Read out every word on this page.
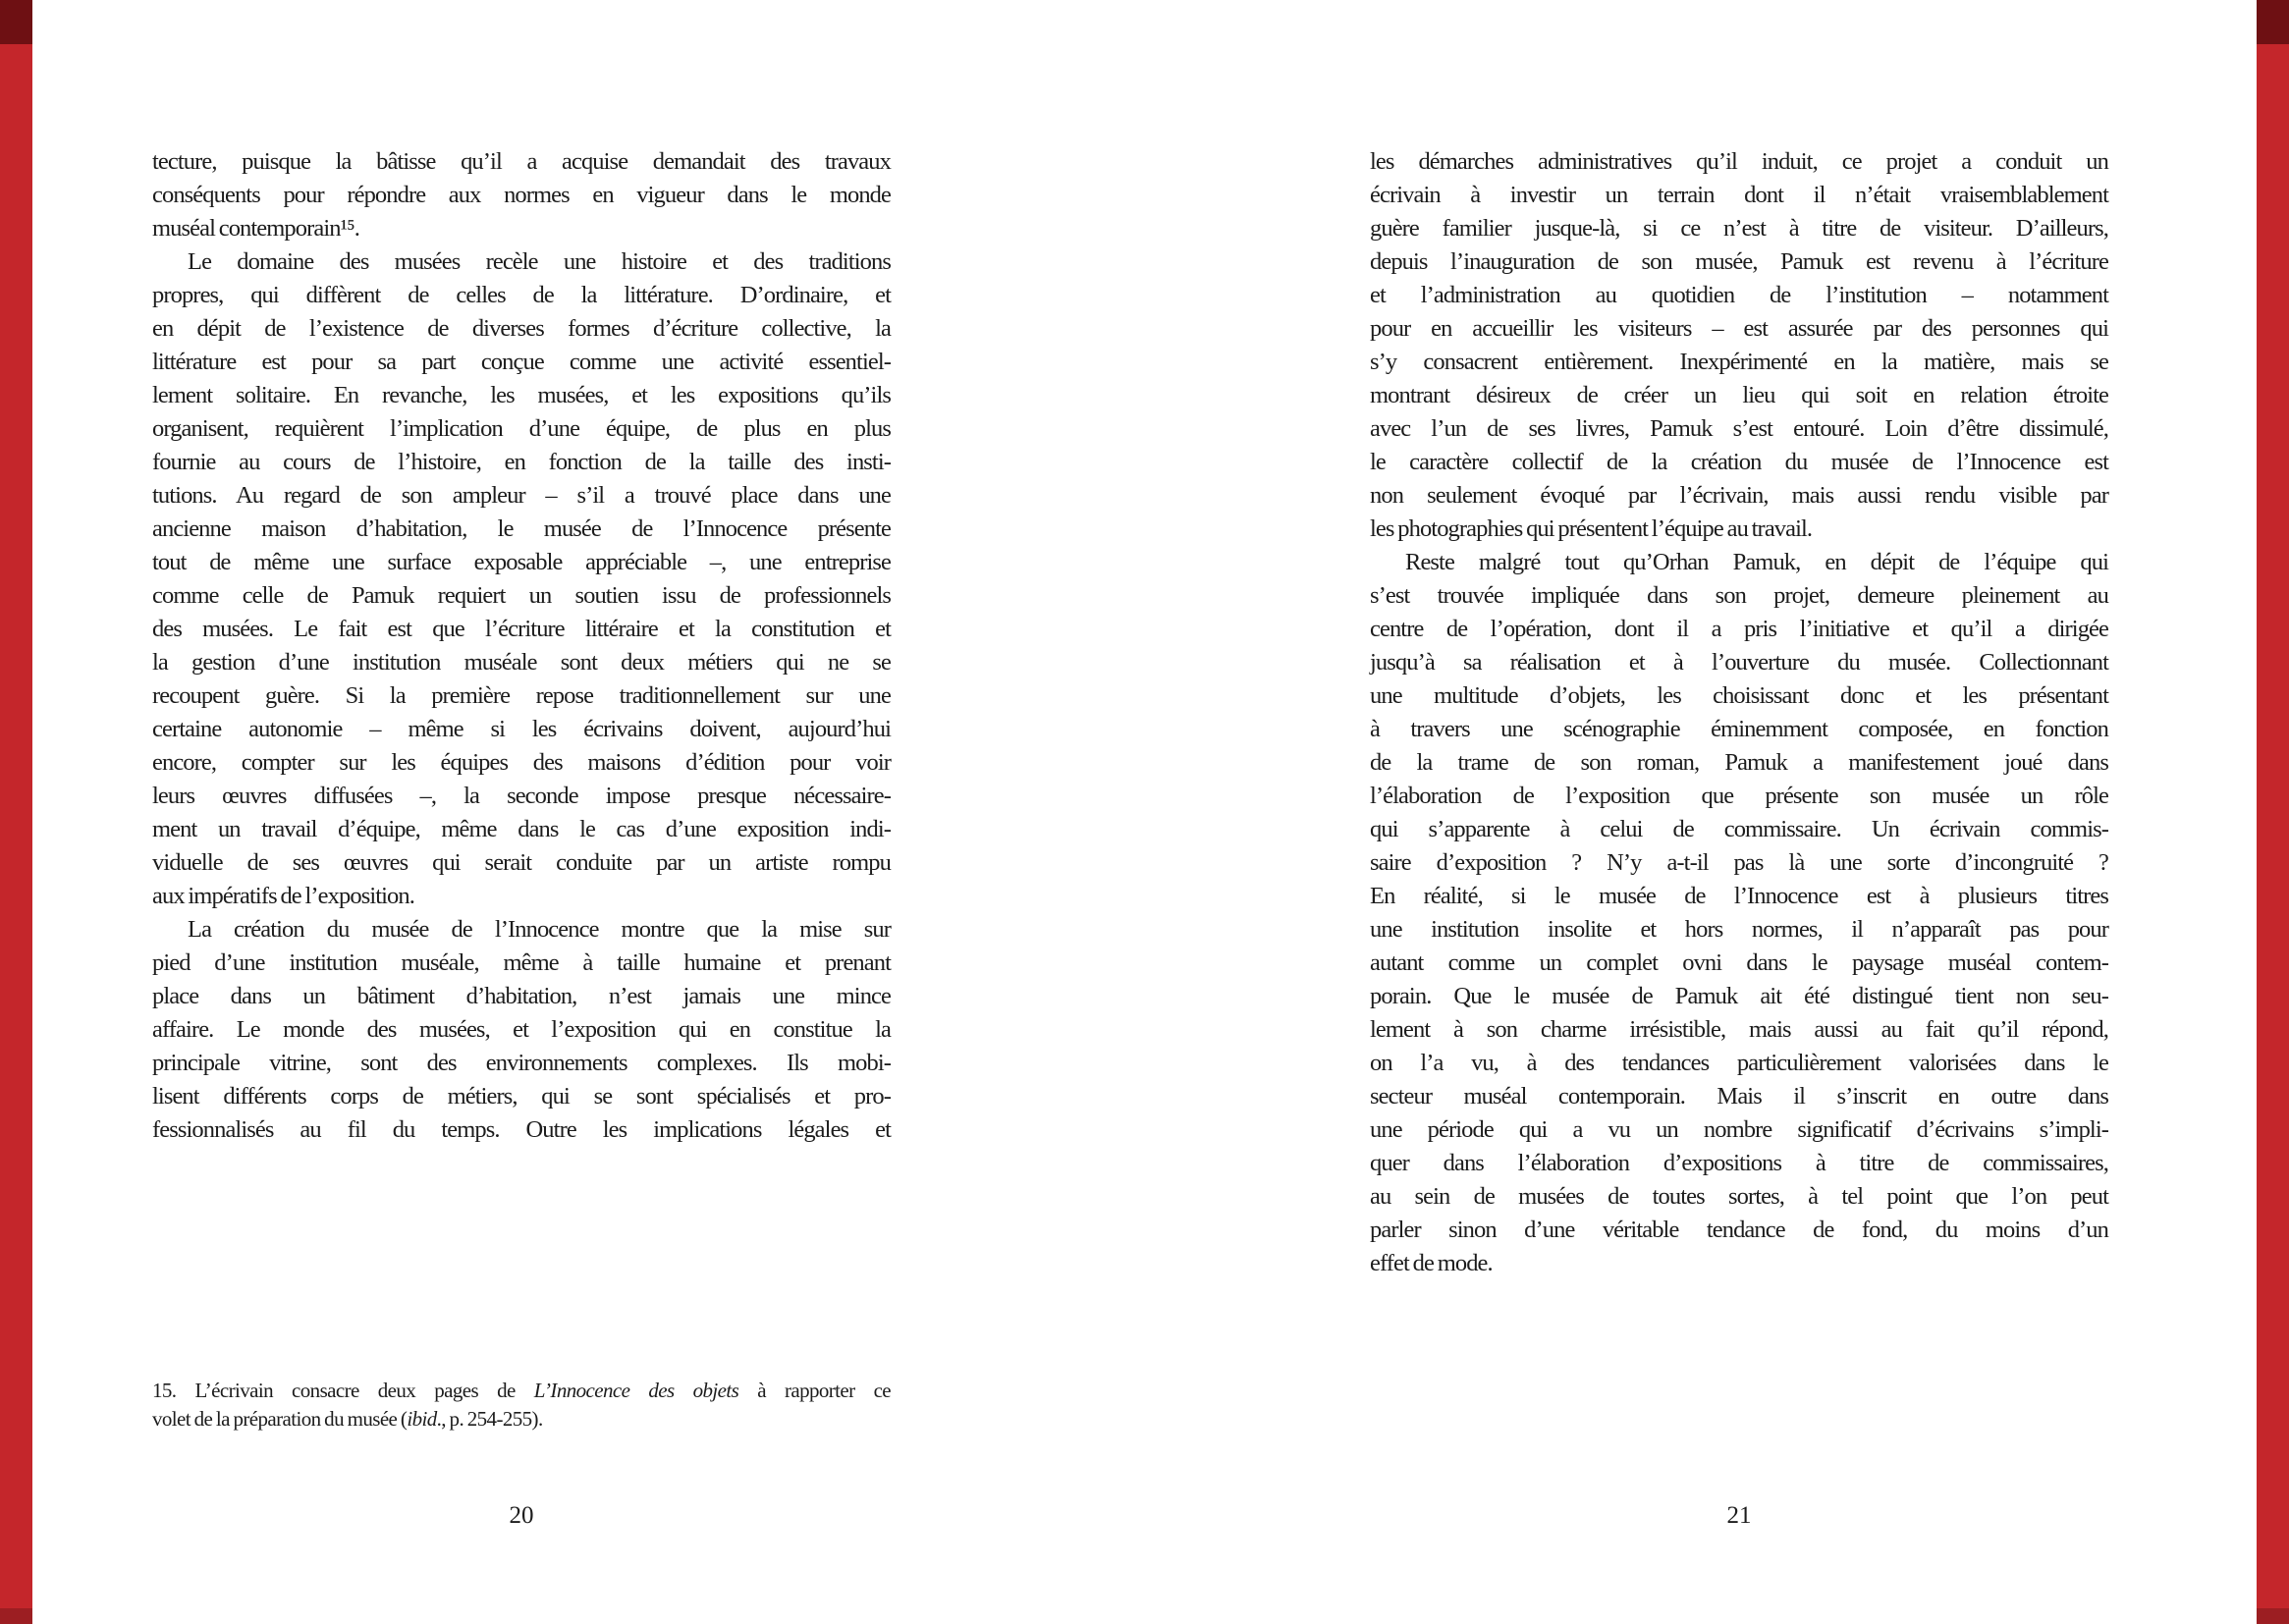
tecture, puisque la bâtisse qu’il a acquise demandait des travaux
conséquents pour répondre aux normes en vigueur dans le monde
muséal contemporain¹⁵.
Le domaine des musées recèle une histoire et des traditions
propres, qui diffèrent de celles de la littérature. D’ordinaire, et
en dépit de l’existence de diverses formes d’écriture collective, la
littérature est pour sa part conçue comme une activité essentiel-
lement solitaire. En revanche, les musées, et les expositions qu’ils
organisent, requièrent l’implication d’une équipe, de plus en plus
fournie au cours de l’histoire, en fonction de la taille des insti-
tutions. Au regard de son ampleur – s’il a trouvé place dans une
ancienne maison d’habitation, le musée de l’Innocence présente
tout de même une surface exposable appréciable –, une entreprise
comme celle de Pamuk requiert un soutien issu de professionnels
des musées. Le fait est que l’écriture littéraire et la constitution et
la gestion d’une institution muséale sont deux métiers qui ne se
recoupent guère. Si la première repose traditionnellement sur une
certaine autonomie – même si les écrivains doivent, aujourd’hui
encore, compter sur les équipes des maisons d’édition pour voir
leurs œuvres diffusées –, la seconde impose presque nécessaire-
ment un travail d’équipe, même dans le cas d’une exposition indi-
viduelle de ses œuvres qui serait conduite par un artiste rompu
aux impératifs de l’exposition.
La création du musée de l’Innocence montre que la mise sur
pied d’une institution muséale, même à taille humaine et prenant
place dans un bâtiment d’habitation, n’est jamais une mince
affaire. Le monde des musées, et l’exposition qui en constitue la
principale vitrine, sont des environnements complexes. Ils mobi-
lisent différents corps de métiers, qui se sont spécialisés et pro-
fessionnalisés au fil du temps. Outre les implications légales et
15. L’écrivain consacre deux pages de L’Innocence des objets à rapporter ce
volet de la préparation du musée (ibid., p. 254-255).
20
les démarches administratives qu’il induit, ce projet a conduit un
écrivain à investir un terrain dont il n’était vraisemblablement
guère familier jusque-là, si ce n’est à titre de visiteur. D’ailleurs,
depuis l’inauguration de son musée, Pamuk est revenu à l’écriture
et l’administration au quotidien de l’institution – notamment
pour en accueillir les visiteurs – est assurée par des personnes qui
s’y consacrent entièrement. Inexpérimenté en la matière, mais se
montrant désireux de créer un lieu qui soit en relation étroite
avec l’un de ses livres, Pamuk s’est entouré. Loin d’être dissimulé,
le caractère collectif de la création du musée de l’Innocence est
non seulement évoqué par l’écrivain, mais aussi rendu visible par
les photographies qui présentent l’équipe au travail.
Reste malgré tout qu’Orhan Pamuk, en dépit de l’équipe qui
s’est trouvée impliquée dans son projet, demeure pleinement au
centre de l’opération, dont il a pris l’initiative et qu’il a dirigée
jusqu’à sa réalisation et à l’ouverture du musée. Collectionnant
une multitude d’objets, les choisissant donc et les présentant
à travers une scénographie éminemment composée, en fonction
de la trame de son roman, Pamuk a manifestement joué dans
l’élaboration de l’exposition que présente son musée un rôle
qui s’apparente à celui de commissaire. Un écrivain commis-
saire d’exposition ? N’y a-t-il pas là une sorte d’incongruité ?
En réalité, si le musée de l’Innocence est à plusieurs titres
une institution insolite et hors normes, il n’apparaît pas pour
autant comme un complet ovni dans le paysage muséal contem-
porain. Que le musée de Pamuk ait été distingué tient non seu-
lement à son charme irrésistible, mais aussi au fait qu’il répond,
on l’a vu, à des tendances particulièrement valorisées dans le
secteur muséal contemporain. Mais il s’inscrit en outre dans
une période qui a vu un nombre significatif d’écrivains s’impli-
quer dans l’élaboration d’expositions à titre de commissaires,
au sein de musées de toutes sortes, à tel point que l’on peut
parler sinon d’une véritable tendance de fond, du moins d’un
effet de mode.
21
